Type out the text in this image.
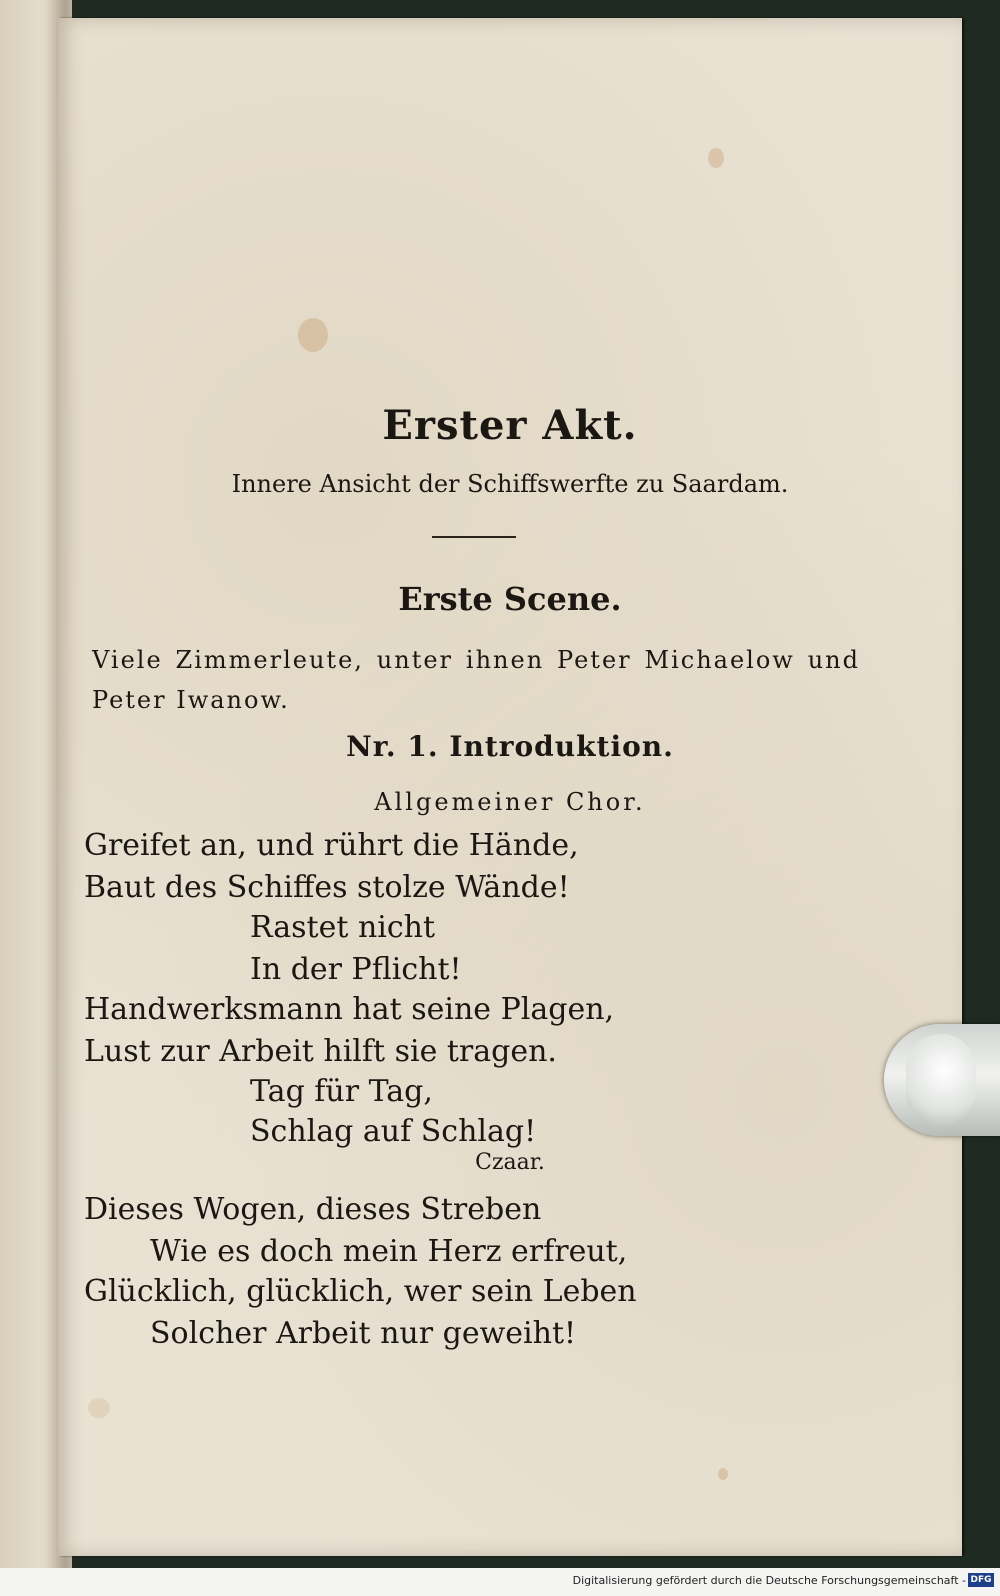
Erster Akt.
Innere Ansicht der Schiffswerfte zu Saardam.
Erste Scene.
Viele Zimmerleute, unter ihnen Peter Michaelow und Peter Iwanow.
Nr. 1. Introduktion.
Allgemeiner Chor.
Greifet an, und rührt die Hände,
Baut des Schiffes stolze Wände!
Rastet nicht
In der Pflicht!
Handwerksmann hat seine Plagen,
Lust zur Arbeit hilft sie tragen.
Tag für Tag,
Schlag auf Schlag!
Czaar.
Dieses Wogen, dieses Streben
Wie es doch mein Herz erfreut,
Glücklich, glücklich, wer sein Leben
Solcher Arbeit nur geweiht!
Digitalisierung gefördert durch die Deutsche Forschungsgemeinschaft - DFG
